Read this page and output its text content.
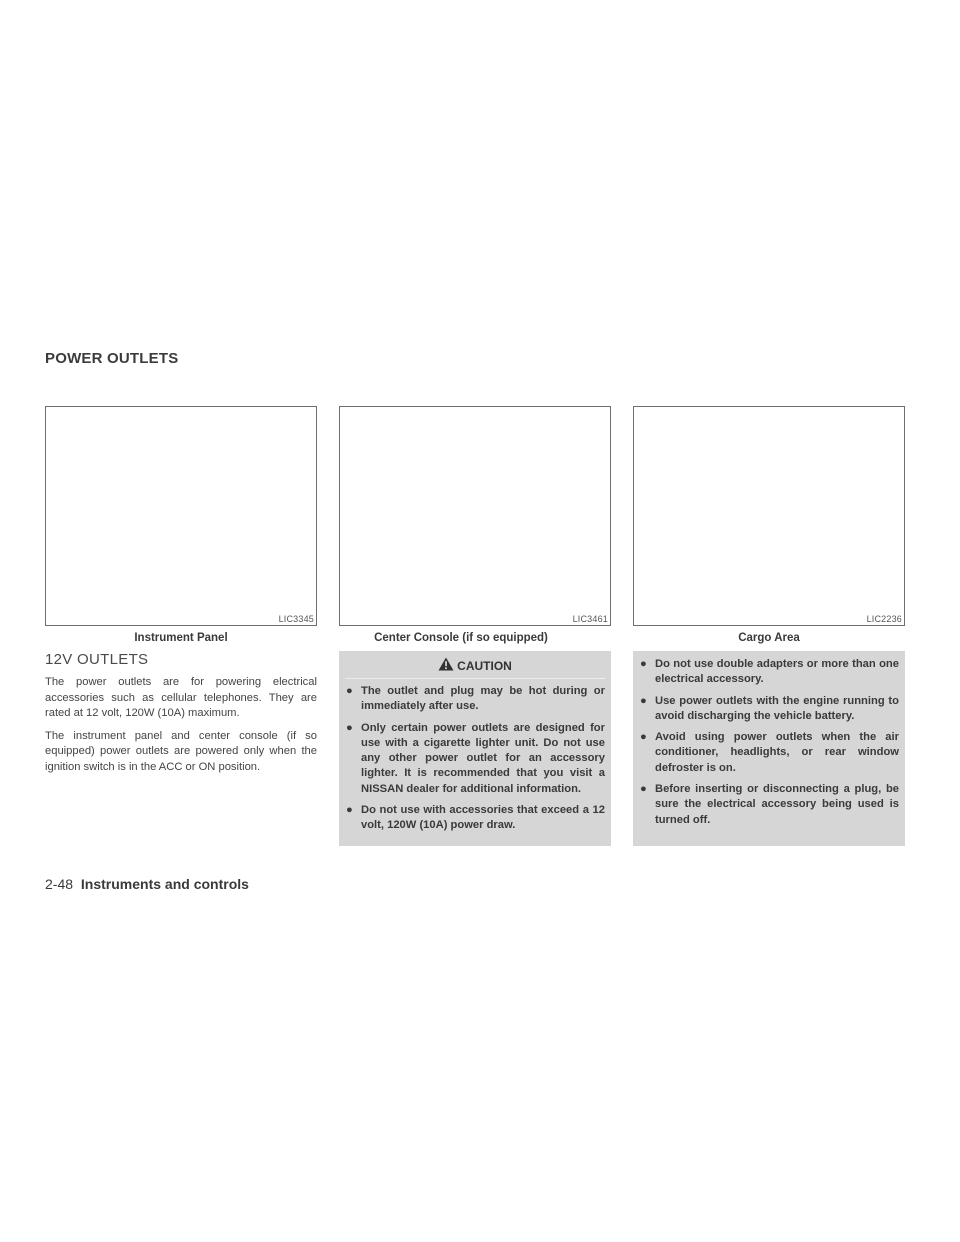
POWER OUTLETS
LIC3345
Instrument Panel
LIC3461
Center Console (if so equipped)
LIC2236
Cargo Area
12V OUTLETS

The power outlets are for powering electrical accessories such as cellular telephones. They are rated at 12 volt, 120W (10A) maximum.

The instrument panel and center console (if so equipped) power outlets are powered only when the ignition switch is in the ACC or ON position.

CAUTION
● The outlet and plug may be hot during or immediately after use.
● Only certain power outlets are designed for use with a cigarette lighter unit. Do not use any other power outlet for an accessory lighter. It is recommended that you visit a NISSAN dealer for additional information.
● Do not use with accessories that exceed a 12 volt, 120W (10A) power draw.
● Do not use double adapters or more than one electrical accessory.
● Use power outlets with the engine running to avoid discharging the vehicle battery.
● Avoid using power outlets when the air conditioner, headlights, or rear window defroster is on.
● Before inserting or disconnecting a plug, be sure the electrical accessory being used is turned off.
2-48 Instruments and controls
